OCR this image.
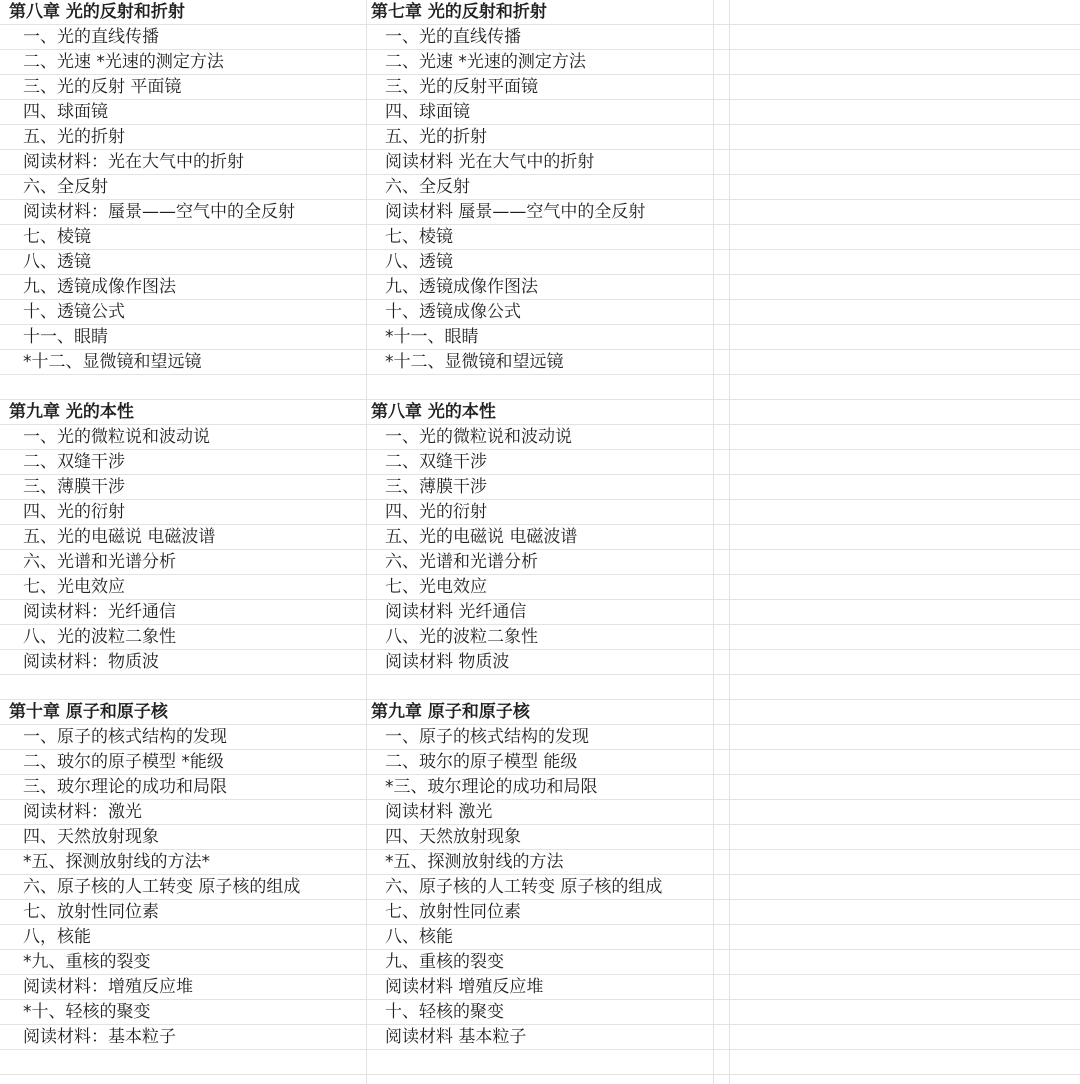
第八章 光的反射和折射	第七章 光的反射和折射
一、光的直线传播	一、光的直线传播
二、光速 *光速的测定方法	二、光速 *光速的测定方法
三、光的反射 平面镜	三、光的反射平面镜
四、球面镜	四、球面镜
五、光的折射	五、光的折射
阅读材料：光在大气中的折射	阅读材料 光在大气中的折射
六、全反射	六、全反射
阅读材料：蜃景——空气中的全反射	阅读材料 蜃景——空气中的全反射
七、棱镜	七、棱镜
八、透镜	八、透镜
九、透镜成像作图法	九、透镜成像作图法
十、透镜公式	十、透镜成像公式
十一、眼睛	*十一、眼睛
*十二、显微镜和望远镜	*十二、显微镜和望远镜
第九章 光的本性	第八章 光的本性
一、光的微粒说和波动说	一、光的微粒说和波动说
二、双缝干涉	二、双缝干涉
三、薄膜干涉	三、薄膜干涉
四、光的衍射	四、光的衍射
五、光的电磁说 电磁波谱	五、光的电磁说 电磁波谱
六、光谱和光谱分析	六、光谱和光谱分析
七、光电效应	七、光电效应
阅读材料：光纤通信	阅读材料 光纤通信
八、光的波粒二象性	八、光的波粒二象性
阅读材料：物质波	阅读材料 物质波
第十章 原子和原子核	第九章 原子和原子核
一、原子的核式结构的发现	一、原子的核式结构的发现
二、玻尔的原子模型 *能级	二、玻尔的原子模型 能级
三、玻尔理论的成功和局限	*三、玻尔理论的成功和局限
阅读材料：激光	阅读材料 激光
四、天然放射现象	四、天然放射现象
*五、探测放射线的方法*	*五、探测放射线的方法
六、原子核的人工转变 原子核的组成	六、原子核的人工转变 原子核的组成
七、放射性同位素	七、放射性同位素
八，核能	八、核能
*九、重核的裂变	九、重核的裂变
阅读材料：增殖反应堆	阅读材料 增殖反应堆
*十、轻核的聚变	十、轻核的聚变
阅读材料：基本粒子	阅读材料 基本粒子
